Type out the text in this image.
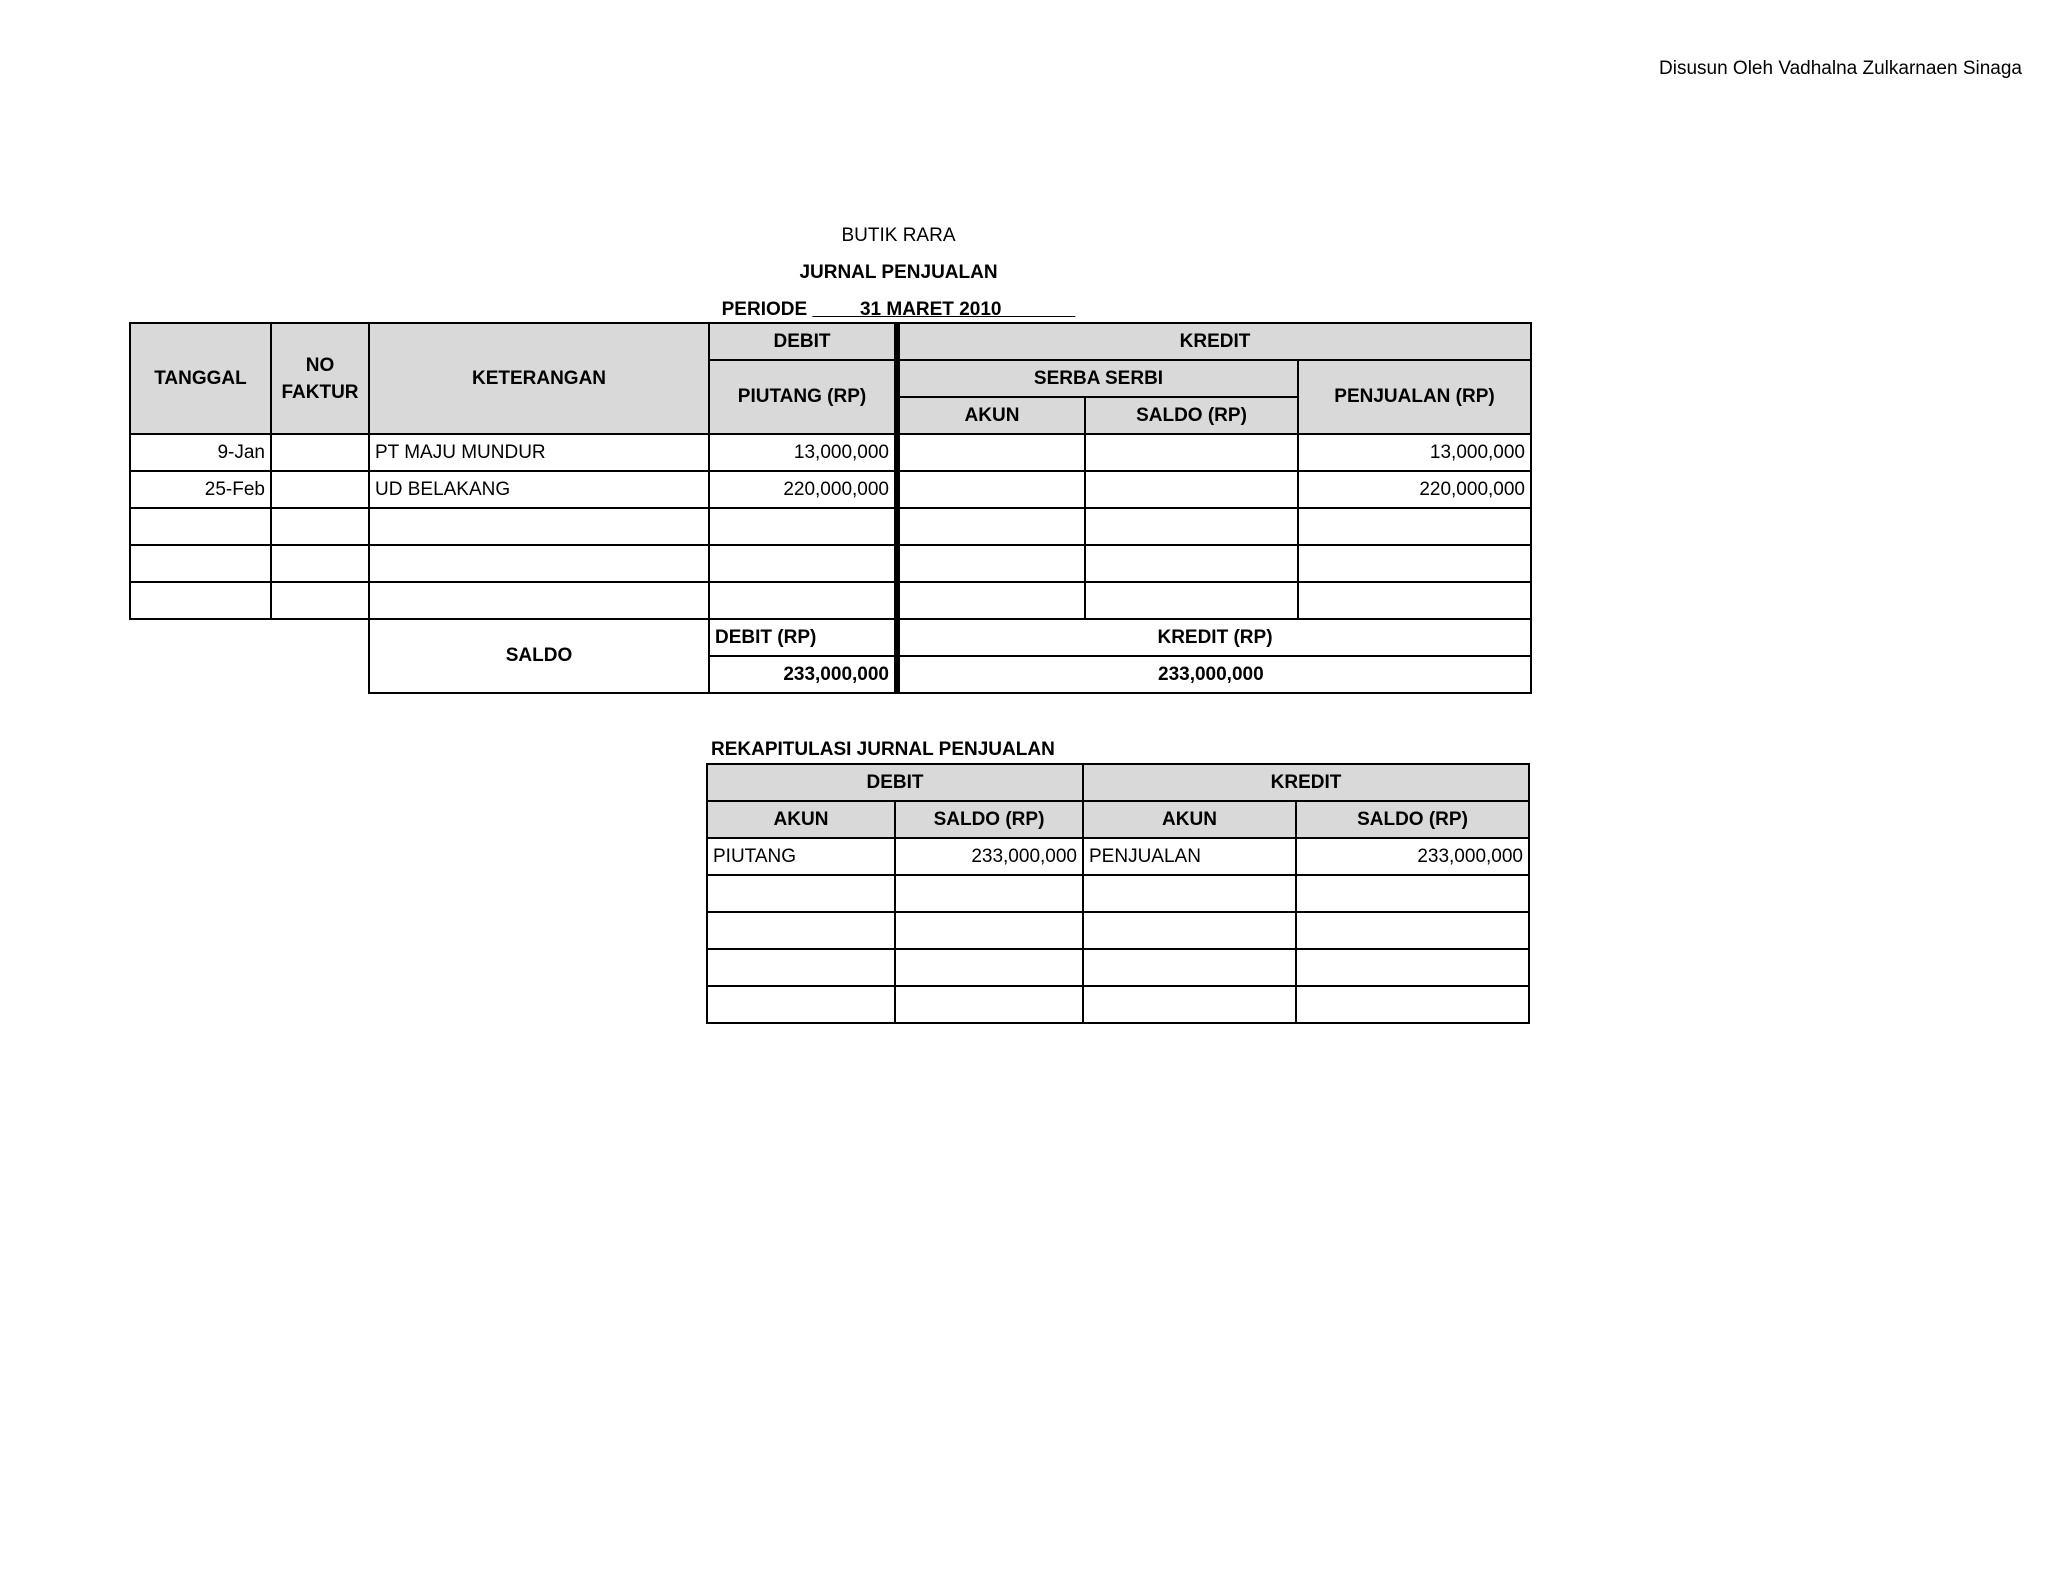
Disusun Oleh Vadhalna Zulkarnaen Sinaga
BUTIK RARA
JURNAL PENJUALAN
PERIODE	31 MARET 2010
TANGGAL	NO FAKTUR	KETERANGAN	DEBIT	KREDIT		
			PIUTANG (RP)	SERBA SERBI		PENJUALAN (RP)
				AKUN	SALDO (RP)	
9-Jan		PT MAJU MUNDUR	13,000,000			13,000,000
25-Feb		UD BELAKANG	220,000,000			220,000,000

		SALDO	DEBIT (RP)	KREDIT (RP)		
			233,000,000	233,000,000		
REKAPITULASI JURNAL PENJUALAN
DEBIT		KREDIT	
AKUN	SALDO (RP)	AKUN	SALDO (RP)
PIUTANG	233,000,000	PENJUALAN	233,000,000
